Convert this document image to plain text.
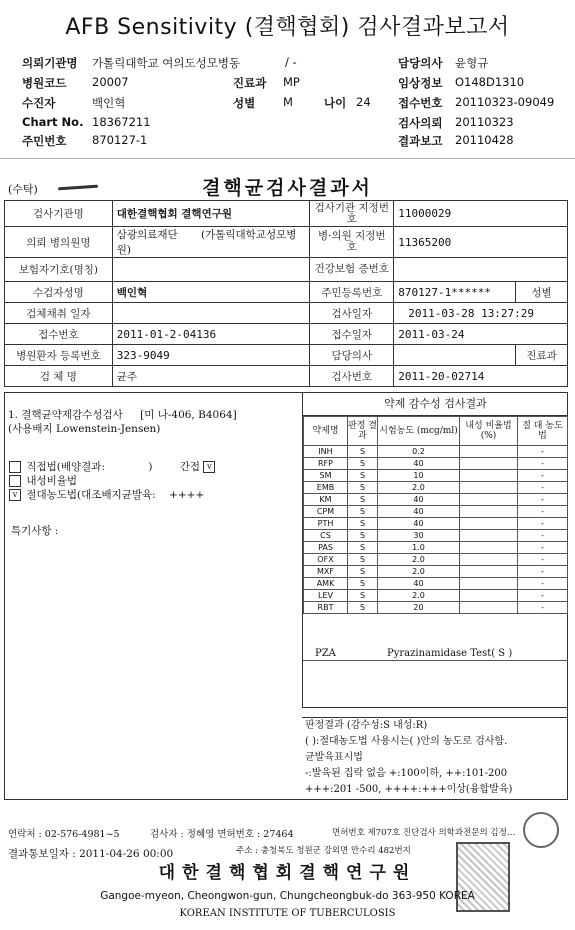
AFB Sensitivity (결핵협회) 검사결과보고서
의뢰기관명 가톨릭대학교 여의도성모병동	/ -	담당의사 윤형규
병원코드 20007	진료과 MP	임상정보 O148D1310
수진자	백인혁	성별 M	나이 24 접수번호 20110323-09049
Chart No. 18367211	검사의뢰 20110323
주민번호 870127-1	결과보고 20110428
(수탁)	결핵균검사결과서
검사기관명	대한결핵협회 결핵연구원	검사기관 지정번호	11000029	
의뢰 병의원명	삼광의료재단 (가톨릭대학교성모병원)	병·의원 지정번호	11365200	
보험자기호(명칭)		건강보험 증번호		
수검자성명	백인혁	주민등록번호	870127-1******	성별
검체채취 일자		검사일자	2011-03-28 13:27:29	
접수번호	2011-01-2-04136	접수일자	2011-03-24	
병원환자 등록번호	323-9049	담당의사		진료과
검 체 명	균주	검사번호	2011-20-02714	
1. 결핵균약제감수성검사 [미 나-406, B4064]
(사용배지 Lowenstein-Jensen)
직접법(배양결과:	)	간접 v
내성비율법
v 절대농도법(대조배지균발육: ++++
특기사항 :
약제 감수성 검사결과
약제명	판정 결과	시험농도 (mcg/ml)	내성 비율법(%)	절 대 농도법
INH	S	0.2		-
RFP	S	40		-
SM	S	10		-
EMB	S	2.0		-
KM	S	40		-
CPM	S	40		-
PTH	S	40		-
CS	S	30		-
PAS	S	1.0		-
OFX	S	2.0		-
MXF	S	2.0		-
AMK	S	40		-
LEV	S	2.0		-
RBT	S	20		-
PZA	Pyrazinamidase Test( S )
판정결과 (감수성:S 내성:R)
( ):절대농도법 사용시는( )안의 농도로 검사함.
균발육표시법
-:발육된 집락 없음 +:100이하, ++:101-200
+++:201 -500, ++++:+++이상(융합발육)
연락처 : 02-576-4981~5	검사자 : 정혜영 면허번호 : 27464	면허번호 제707호 진단검사 의학과전문의 김정…
결과통보일자 : 2011-04-26 00:00	주소 : 충청북도 청원군 강외면 만수리 482번지
대한결핵협회결핵연구원
Gangoe-myeon, Cheongwon-gun, Chungcheongbuk-do 363-950 KOREA
KOREAN INSTITUTE OF TUBERCULOSIS
